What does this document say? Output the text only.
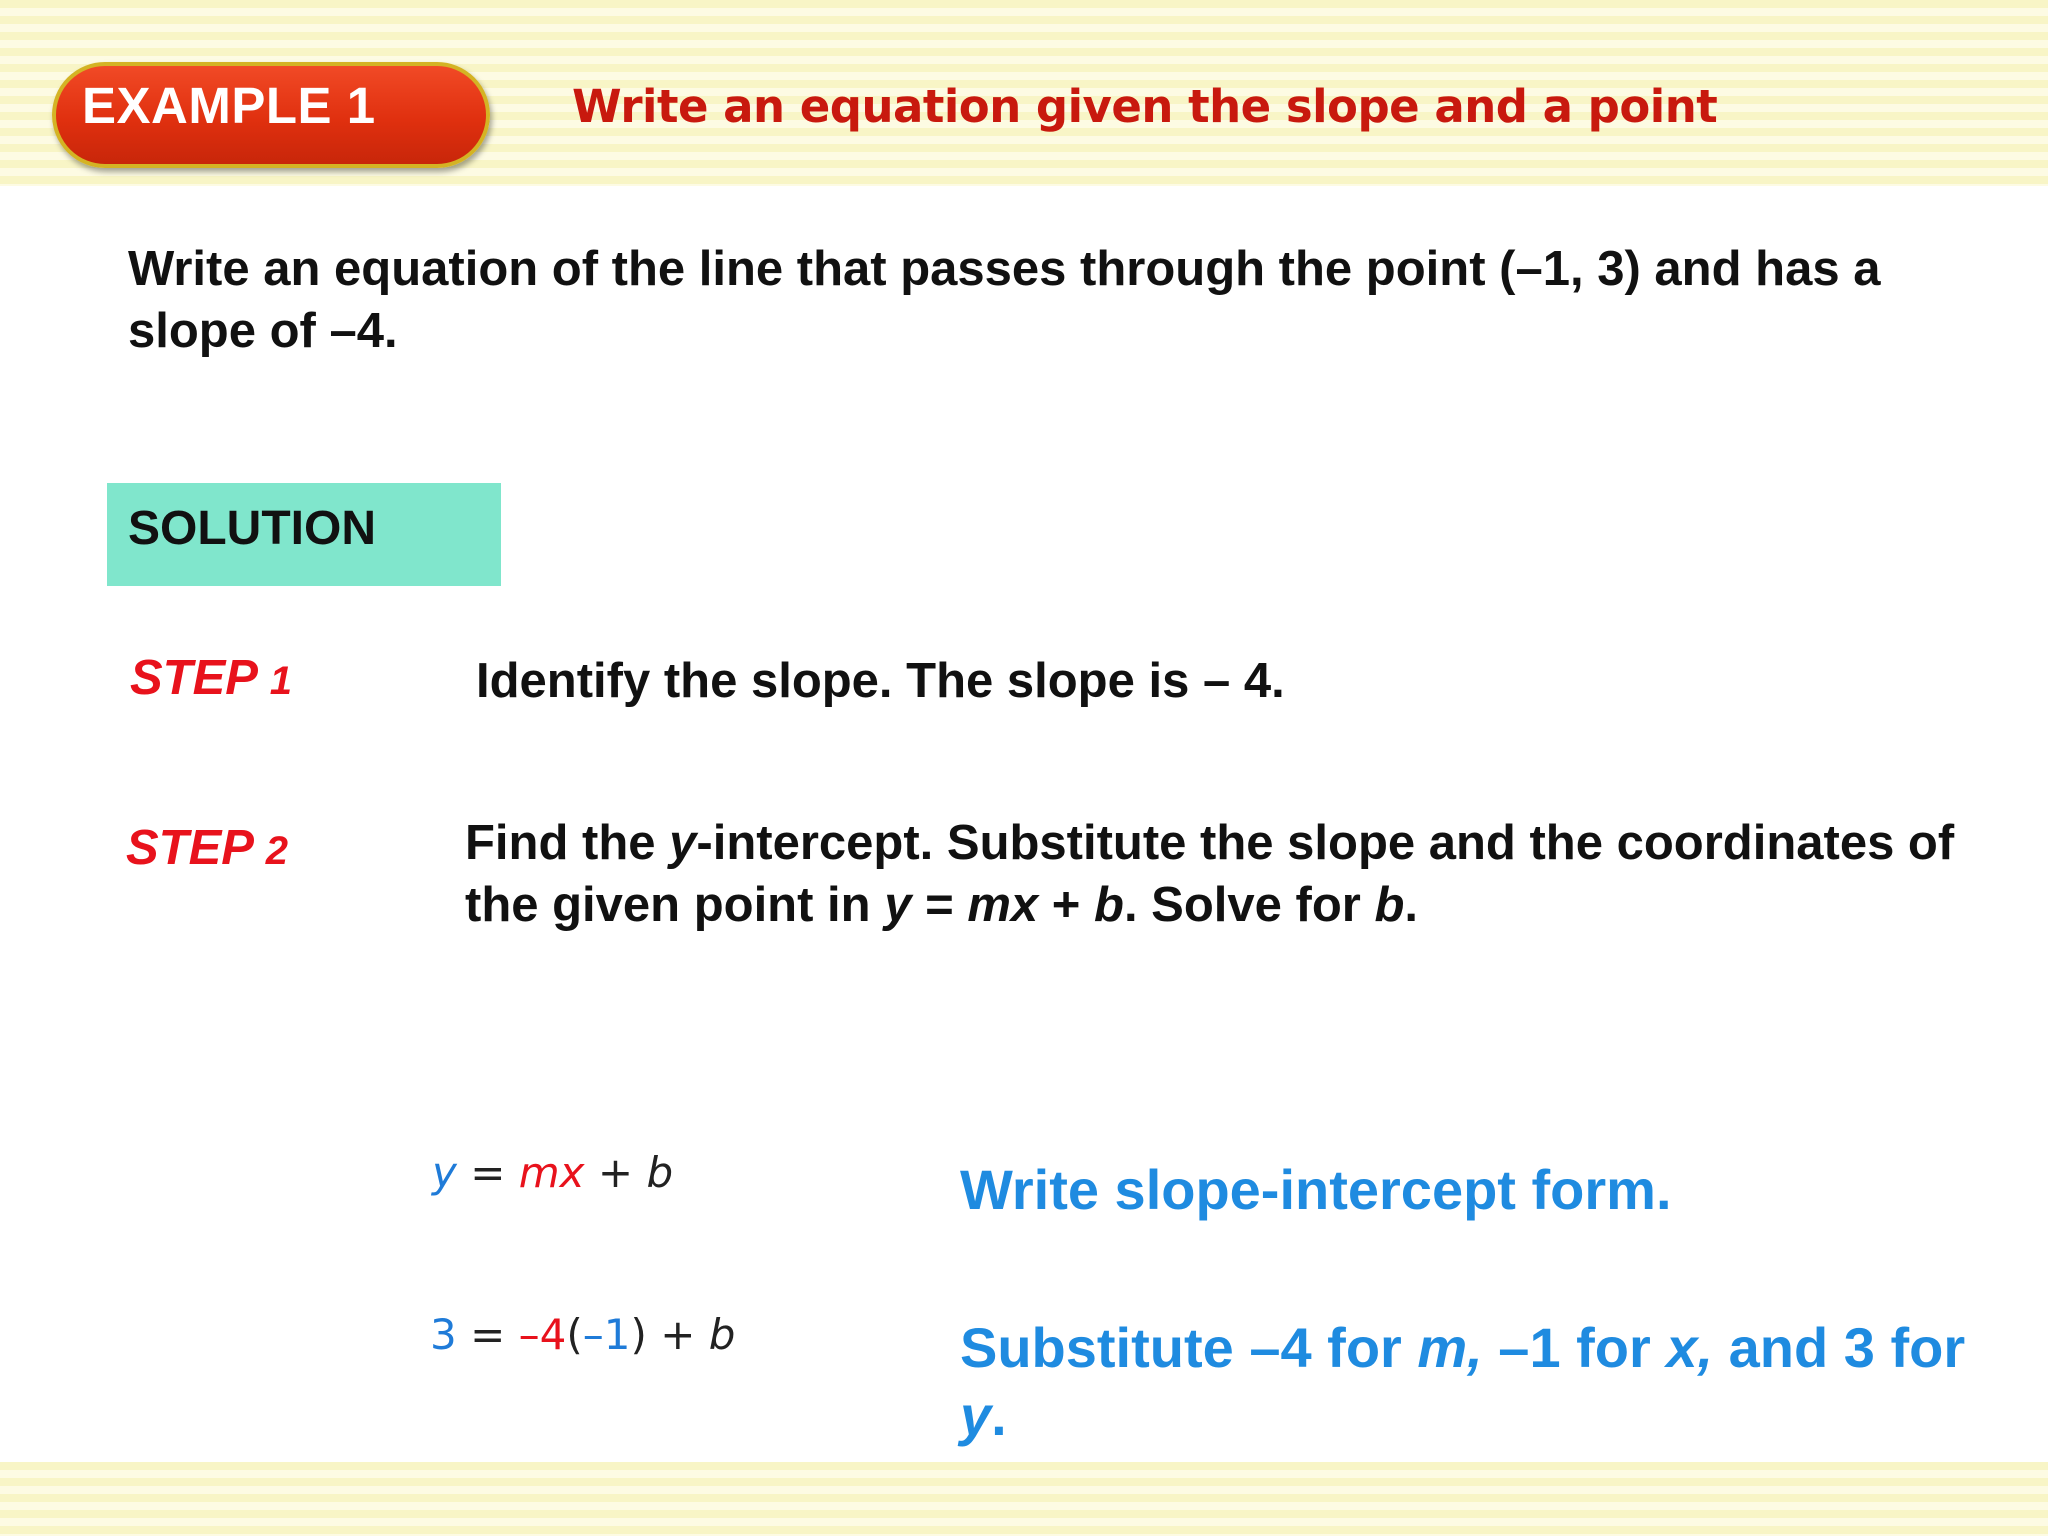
EXAMPLE 1	Write an equation given the slope and a point
Write an equation of the line that passes through the point (–1, 3) and has a slope of –4.
SOLUTION
STEP 1	Identify the slope. The slope is – 4.
STEP 2	Find the y-intercept. Substitute the slope and the coordinates of the given point in y = mx + b. Solve for b.
y = mx + b	Write slope-intercept form.
3 = –4(–1) + b	Substitute –4 for m, –1 for x, and 3 for y.
